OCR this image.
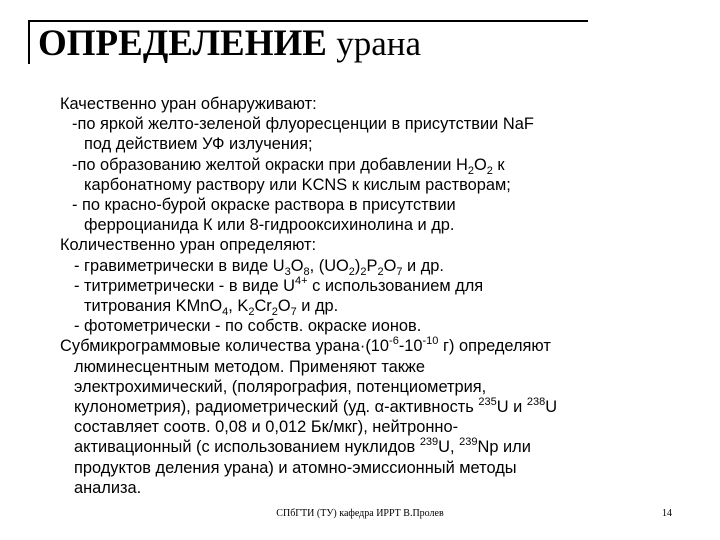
ОПРЕДЕЛЕНИЕ урана
Качественно уран обнаруживают:
-по яркой желто-зеленой флуоресценции в присутствии NaF
под действием УФ излучения;
-по образованию желтой окраски при добавлении $H_2O_2$ к
карбонатному раствору или KCNS к кислым растворам;
- по красно-бурой окраске раствора в присутствии
ферроцианида К или 8-гидрооксихинолина и др.
Количественно уран определяют:
- гравиметрически в виде $U_3O_8$, $(UO_2)_2P_2O_7$ и др.
- титриметрически - в виде $U^{4+}$ с использованием для
титрования KMnO$_4$, $K_2Cr_2O_7$ и др.
- фотометрически - по собств. окраске ионов.
Субмикрограммовые количества $урана\cdot(10^{-6}-10^{-10}$ г) определяют
люминесцентным методом. Применяют также
электрохимический, (полярография, потенциометрия,
кулонометрия), радиометрический (уд. α-активность $^{235}$U и $^{238}$U
составляет соотв. 0,08 и 0,012 Бк/мкг), нейтронно-
активационный (с использованием нуклидов $^{239}$U, $^{239}$Np или
продуктов деления урана) и атомно-эмиссионный методы
анализа.
СПбГТИ (ТУ) кафедра ИРРТ В.Пролев	14
